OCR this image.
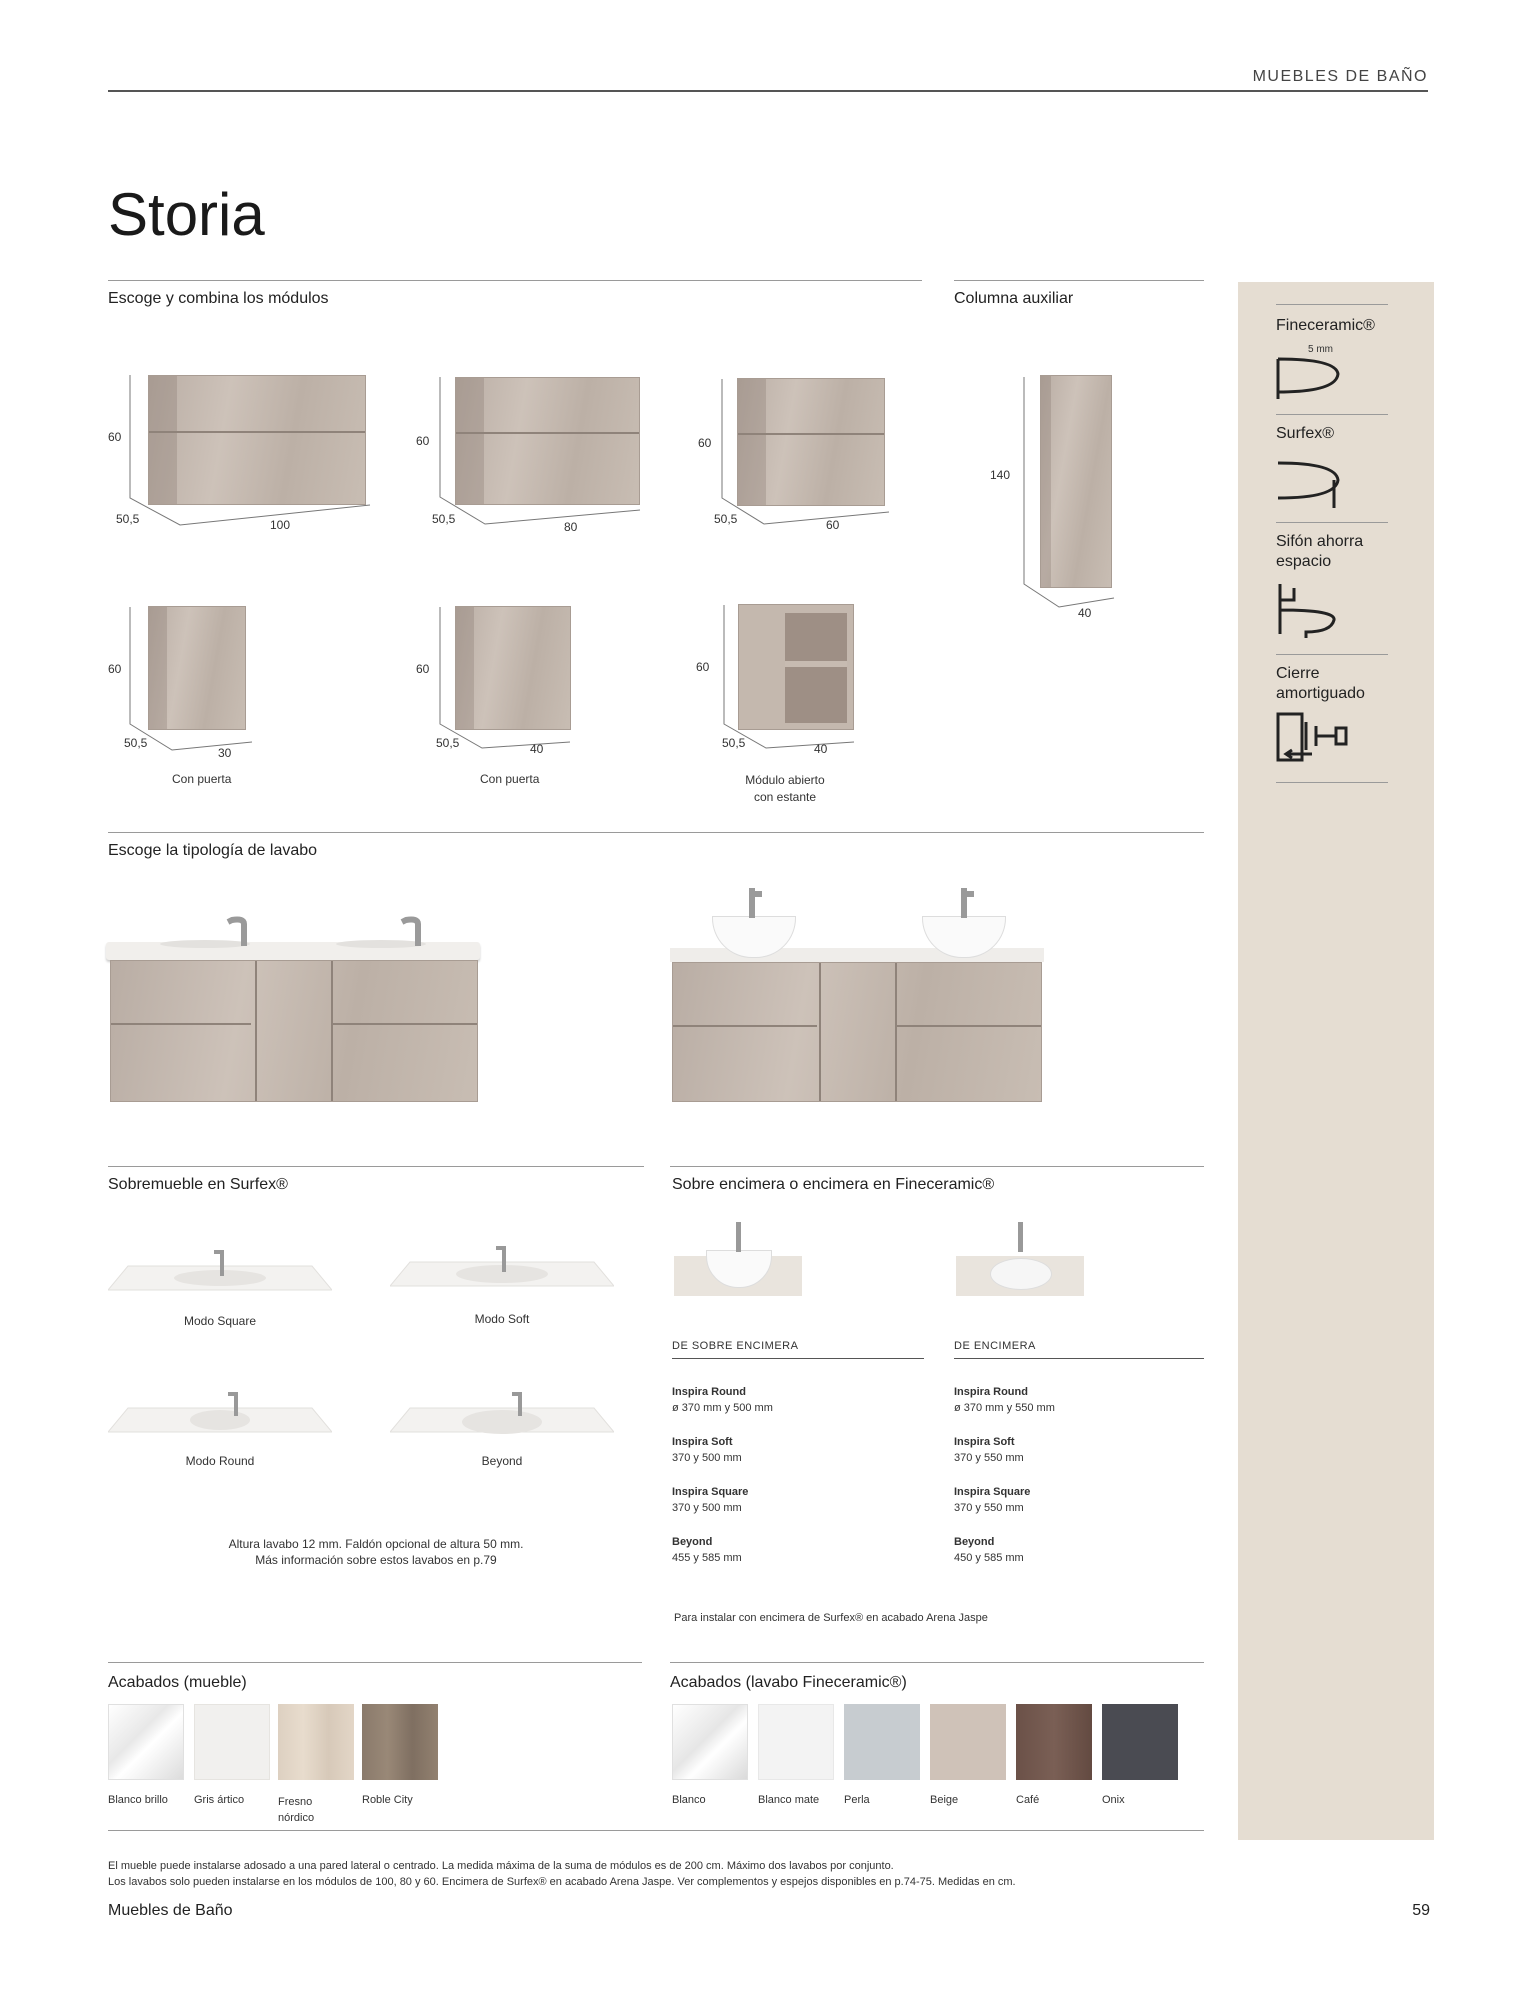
MUEBLES DE BAÑO
Storia
Escoge y combina los módulos
60
50,5	100
60
50,5
80
60
50,5	60
60
50,5
30
Con puerta
60
50,5	40
Con puerta
60
50,5	40
Módulo abierto
con estante
Columna auxiliar
140
40
Fineceramic®
5 mm
Surfex®
Sifón ahorra
espacio
Cierre
amortiguado
Escoge la tipología de lavabo
Sobremueble en Surfex®
Modo Square	Modo Soft
Modo Round	Beyond
Altura lavabo 12 mm. Faldón opcional de altura 50 mm.
Más información sobre estos lavabos en p.79
Sobre encimera o encimera en Fineceramic®
DE SOBRE ENCIMERA	DE ENCIMERA
Inspira Round
ø 370 mm y 500 mm
Inspira Soft
370 y 500 mm
Inspira Square
370 y 500 mm
Beyond
455 y 585 mm
Inspira Round
ø 370 mm y 550 mm
Inspira Soft
370 y 550 mm
Inspira Square
370 y 550 mm
Beyond
450 y 585 mm
Para instalar con encimera de Surfex® en acabado Arena Jaspe
Acabados (mueble)
Blanco brillo Gris ártico	Fresno
nórdico
Roble City
Acabados (lavabo Fineceramic®)
Blanco	Blanco mate Perla	Beige	Café	Onix
El mueble puede instalarse adosado a una pared lateral o centrado. La medida máxima de la suma de módulos es de 200 cm. Máximo dos lavabos por conjunto.
Los lavabos solo pueden instalarse en los módulos de 100, 80 y 60. Encimera de Surfex® en acabado Arena Jaspe. Ver complementos y espejos disponibles en p.74-75. Medidas en cm.
Muebles de Baño	59
